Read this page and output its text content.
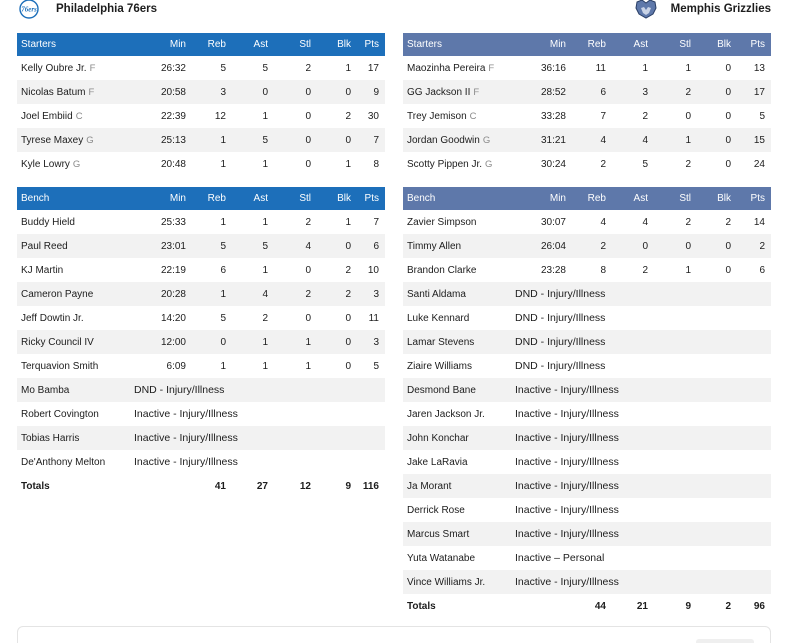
76ers Philadelphia 76ers	Memphis Grizzlies
Starters	Min	Reb	Ast	Stl	Blk	Pts
Kelly Oubre Jr. F	26:32	5	5	2	1	17
Nicolas Batum F	20:58	3	0	0	0	9
Joel Embiid C	22:39	12	1	0	2	30
Tyrese Maxey G	25:13	1	5	0	0	7
Kyle Lowry G	20:48	1	1	0	1	8
Starters	Min	Reb	Ast	Stl	Blk	Pts
Maozinha Pereira F	36:16	11	1	1	0	13
GG Jackson II F	28:52	6	3	2	0	17
Trey Jemison C	33:28	7	2	0	0	5
Jordan Goodwin G	31:21	4	4	1	0	15
Scotty Pippen Jr. G	30:24	2	5	2	0	24
Bench	Min	Reb	Ast	Stl	Blk	Pts
Buddy Hield	25:33	1	1	2	1	7
Paul Reed	23:01	5	5	4	0	6
KJ Martin	22:19	6	1	0	2	10
Cameron Payne	20:28	1	4	2	2	3
Jeff Dowtin Jr.	14:20	5	2	0	0	11
Ricky Council IV	12:00	0	1	1	0	3
Terquavion Smith	6:09	1	1	1	0	5
Mo Bamba	DND - Injury/Illness					
Robert Covington	Inactive - Injury/Illness					
Tobias Harris	Inactive - Injury/Illness					
De'Anthony Melton	Inactive - Injury/Illness					
Totals		41	27	12	9	116
Bench	Min	Reb	Ast	Stl	Blk	Pts
Zavier Simpson	30:07	4	4	2	2	14
Timmy Allen	26:04	2	0	0	0	2
Brandon Clarke	23:28	8	2	1	0	6
Santi Aldama	DND - Injury/Illness					
Luke Kennard	DND - Injury/Illness					
Lamar Stevens	DND - Injury/Illness					
Ziaire Williams	DND - Injury/Illness					
Desmond Bane	Inactive - Injury/Illness					
Jaren Jackson Jr.	Inactive - Injury/Illness					
John Konchar	Inactive - Injury/Illness					
Jake LaRavia	Inactive - Injury/Illness					
Ja Morant	Inactive - Injury/Illness					
Derrick Rose	Inactive - Injury/Illness					
Marcus Smart	Inactive - Injury/Illness					
Yuta Watanabe	Inactive – Personal					
Vince Williams Jr.	Inactive - Injury/Illness					
Totals		44	21	9	2	96
